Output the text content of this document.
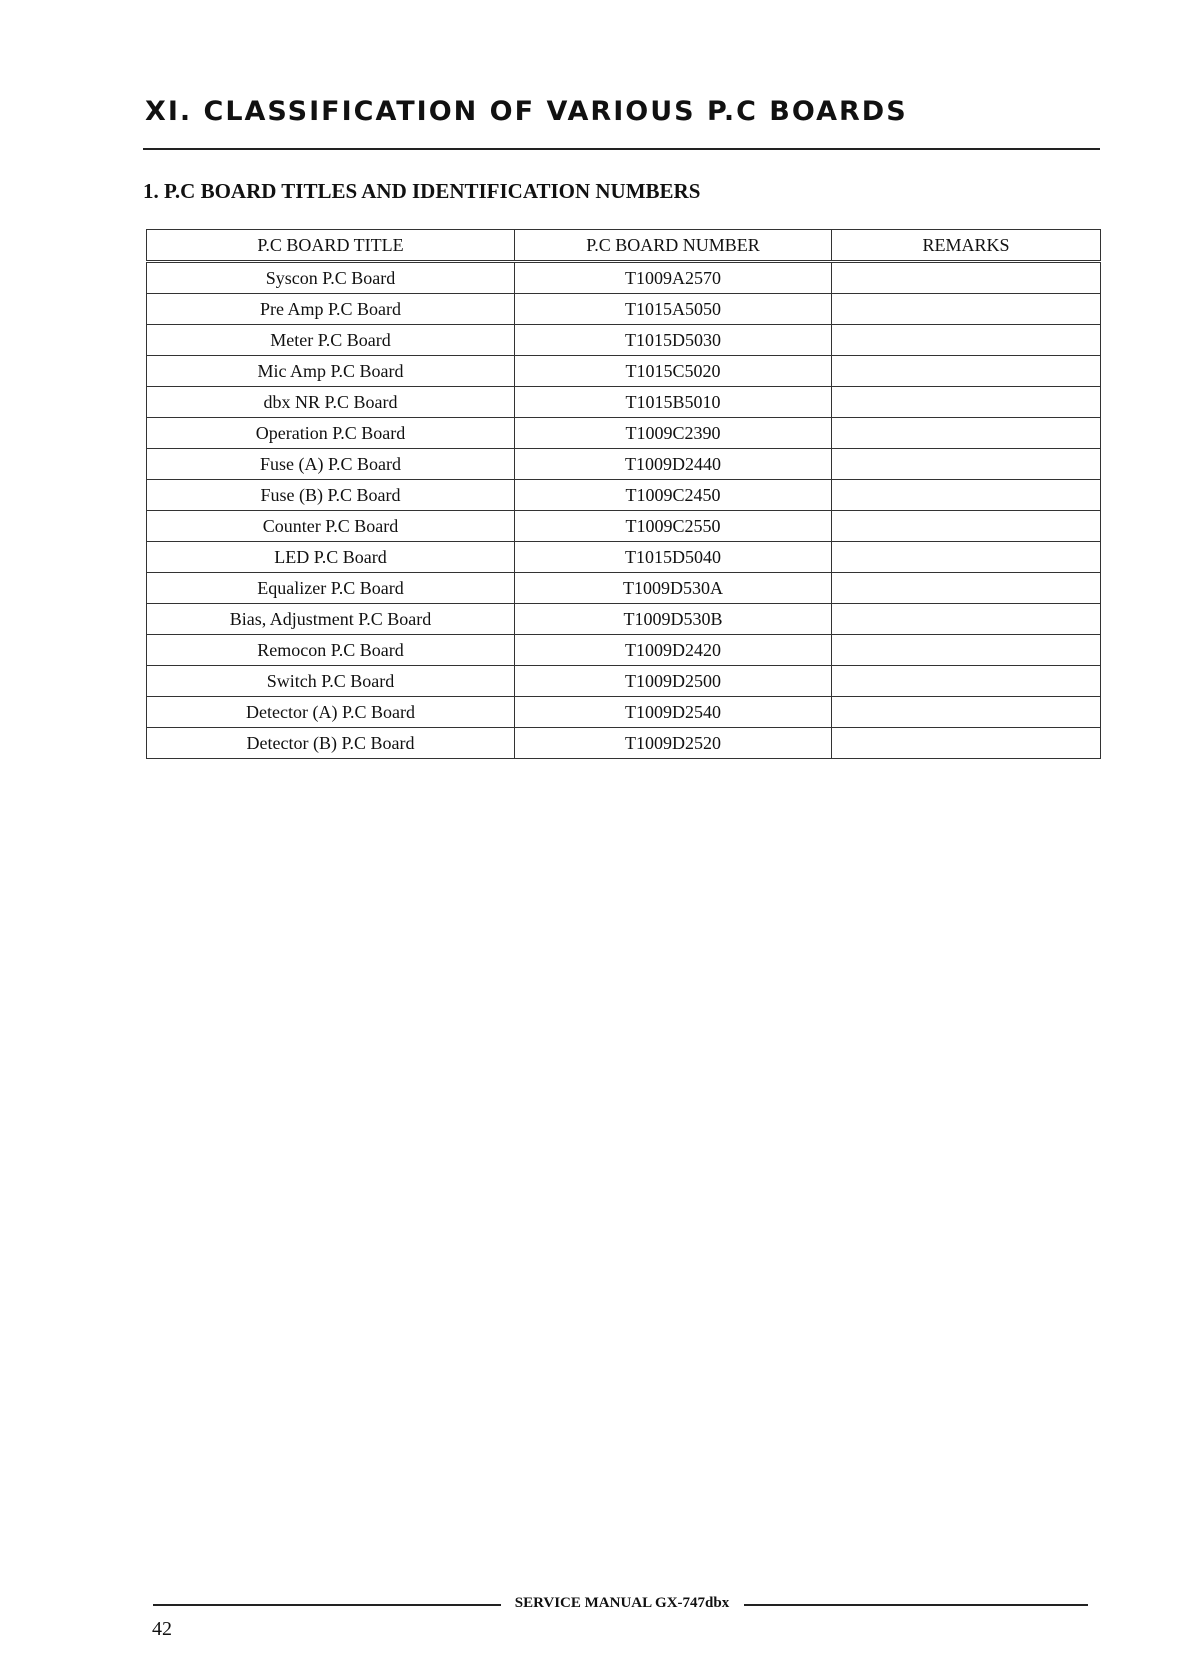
XI. CLASSIFICATION OF VARIOUS P.C BOARDS
1. P.C BOARD TITLES AND IDENTIFICATION NUMBERS
P.C BOARD TITLE	P.C BOARD NUMBER	REMARKS
Syscon P.C Board	T1009A2570	
Pre Amp P.C Board	T1015A5050	
Meter P.C Board	T1015D5030	
Mic Amp P.C Board	T1015C5020	
dbx NR P.C Board	T1015B5010	
Operation P.C Board	T1009C2390	
Fuse (A) P.C Board	T1009D2440	
Fuse (B) P.C Board	T1009C2450	
Counter P.C Board	T1009C2550	
LED P.C Board	T1015D5040	
Equalizer P.C Board	T1009D530A	
Bias, Adjustment P.C Board	T1009D530B	
Remocon P.C Board	T1009D2420	
Switch P.C Board	T1009D2500	
Detector (A) P.C Board	T1009D2540	
Detector (B) P.C Board	T1009D2520	
SERVICE MANUAL GX-747dbx
42
